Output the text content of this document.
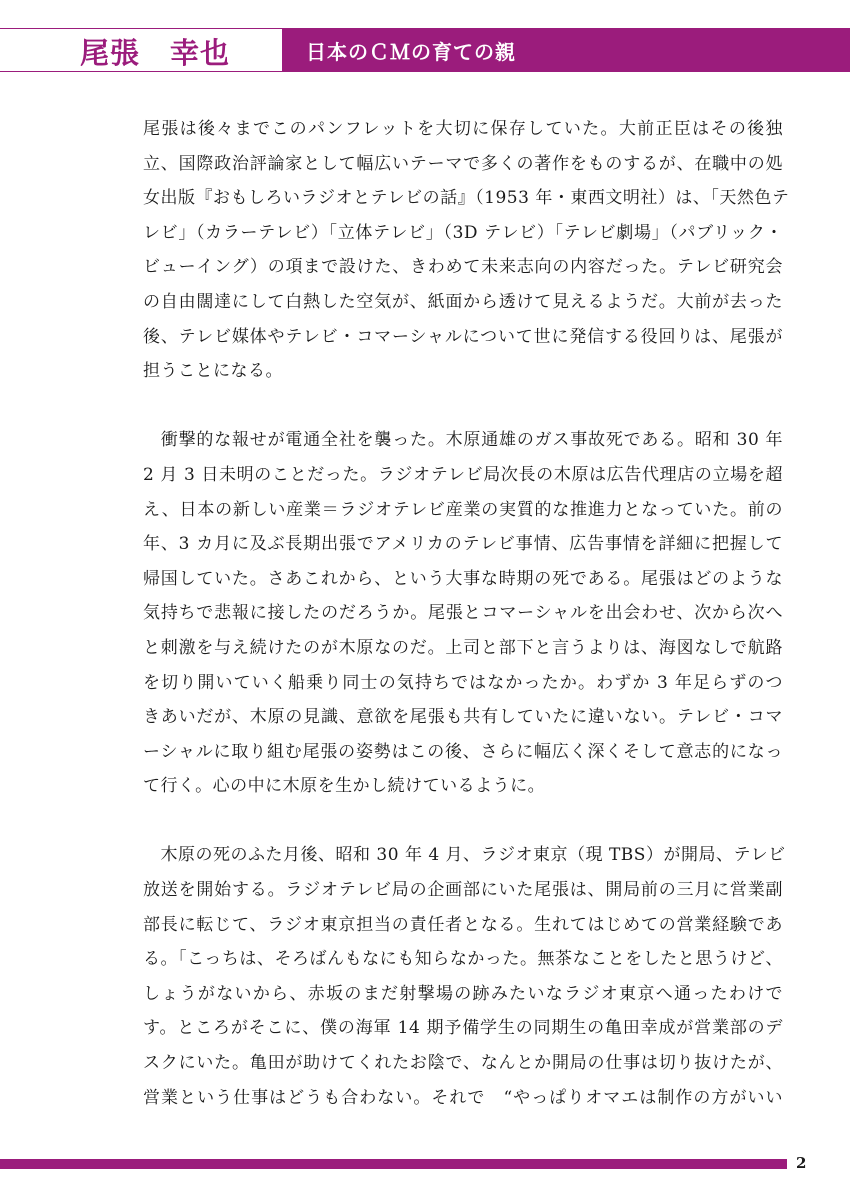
尾張　幸也	日本のＣＭの育ての親
尾張は後々までこのパンフレットを大切に保存していた。大前正臣はその後独
立、国際政治評論家として幅広いテーマで多くの著作をものするが、在職中の処
女出版『おもしろいラジオとテレビの話』（1953 年・東西文明社）は、「天然色テ
レビ」（カラーテレビ）「立体テレビ」（3D テレビ）「テレビ劇場」（パブリック・
ビューイング）の項まで設けた、きわめて未来志向の内容だった。テレビ研究会
の自由闊達にして白熱した空気が、紙面から透けて見えるようだ。大前が去った
後、テレビ媒体やテレビ・コマーシャルについて世に発信する役回りは、尾張が
担うことになる。
　衝撃的な報せが電通全社を襲った。木原通雄のガス事故死である。昭和 30 年
2 月 3 日未明のことだった。ラジオテレビ局次長の木原は広告代理店の立場を超
え、日本の新しい産業＝ラジオテレビ産業の実質的な推進力となっていた。前の
年、3 カ月に及ぶ長期出張でアメリカのテレビ事情、広告事情を詳細に把握して
帰国していた。さあこれから、という大事な時期の死である。尾張はどのような
気持ちで悲報に接したのだろうか。尾張とコマーシャルを出会わせ、次から次へ
と刺激を与え続けたのが木原なのだ。上司と部下と言うよりは、海図なしで航路
を切り開いていく船乗り同士の気持ちではなかったか。わずか 3 年足らずのつ
きあいだが、木原の見識、意欲を尾張も共有していたに違いない。テレビ・コマ
ーシャルに取り組む尾張の姿勢はこの後、さらに幅広く深くそして意志的になっ
て行く。心の中に木原を生かし続けているように。
　木原の死のふた月後、昭和 30 年 4 月、ラジオ東京（現 TBS）が開局、テレビ
放送を開始する。ラジオテレビ局の企画部にいた尾張は、開局前の三月に営業副
部長に転じて、ラジオ東京担当の責任者となる。生れてはじめての営業経験であ
る。「こっちは、そろばんもなにも知らなかった。無茶なことをしたと思うけど、
しょうがないから、赤坂のまだ射撃場の跡みたいなラジオ東京へ通ったわけで
す。ところがそこに、僕の海軍 14 期予備学生の同期生の亀田幸成が営業部のデ
スクにいた。亀田が助けてくれたお陰で、なんとか開局の仕事は切り抜けたが、
営業という仕事はどうも合わない。それで　“やっぱりオマエは制作の方がいい
2
